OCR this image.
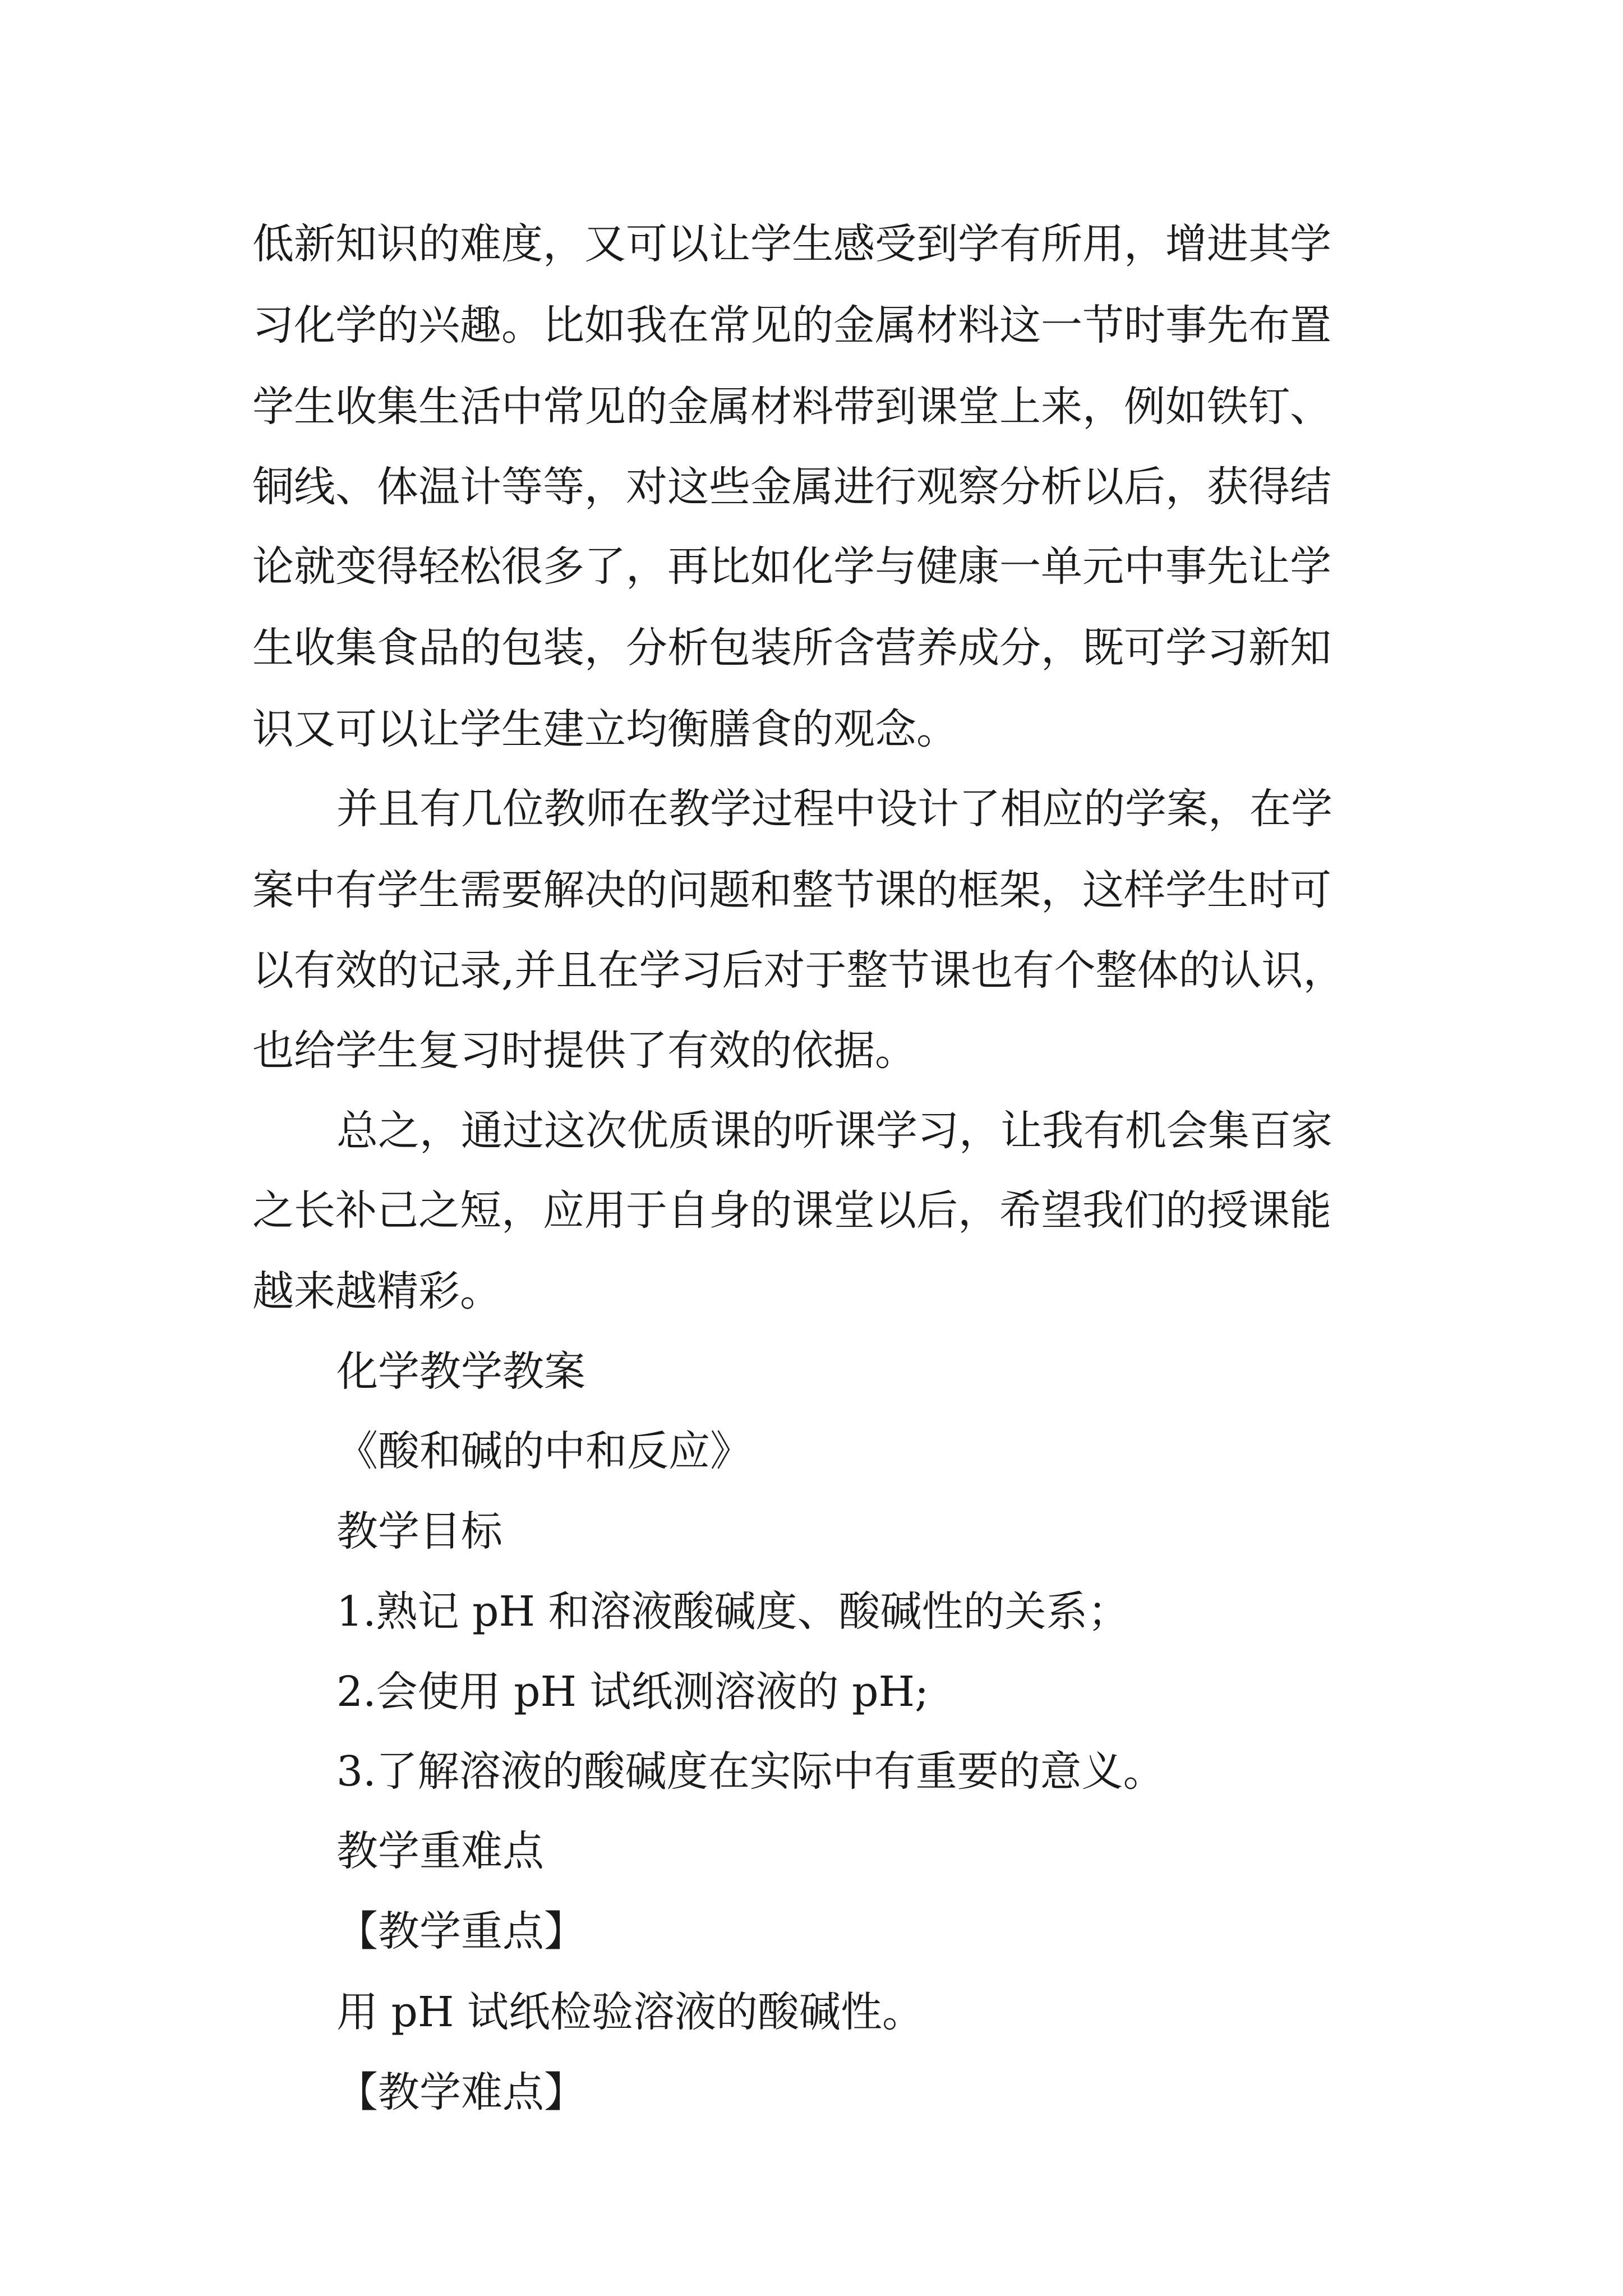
低新知识的难度，又可以让学生感受到学有所用，增进其学
习化学的兴趣。比如我在常见的金属材料这一节时事先布置
学生收集生活中常见的金属材料带到课堂上来，例如铁钉、
铜线、体温计等等，对这些金属进行观察分析以后，获得结
论就变得轻松很多了，再比如化学与健康一单元中事先让学
生收集食品的包装，分析包装所含营养成分，既可学习新知
识又可以让学生建立均衡膳食的观念。
并且有几位教师在教学过程中设计了相应的学案，在学
案中有学生需要解决的问题和整节课的框架，这样学生时可
以有效的记录,并且在学习后对于整节课也有个整体的认识，
也给学生复习时提供了有效的依据。
总之，通过这次优质课的听课学习，让我有机会集百家
之长补己之短，应用于自身的课堂以后，希望我们的授课能
越来越精彩。
化学教学教案
《酸和碱的中和反应》
教学目标
1.熟记 pH 和溶液酸碱度、酸碱性的关系；
2.会使用 pH 试纸测溶液的 pH;
3.了解溶液的酸碱度在实际中有重要的意义。
教学重难点
【教学重点】
用 pH 试纸检验溶液的酸碱性。
【教学难点】
